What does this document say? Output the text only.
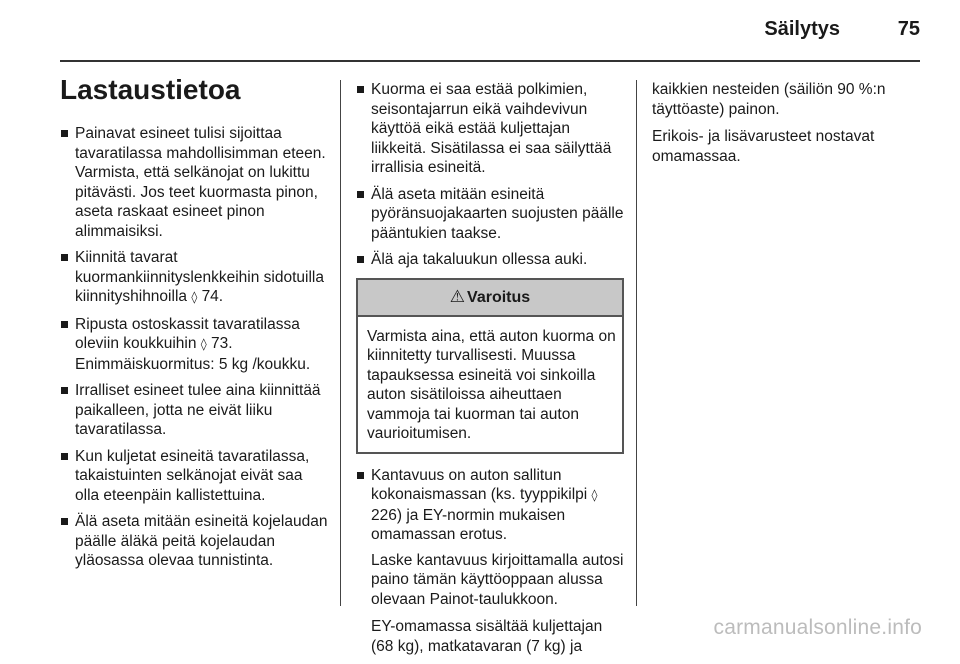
Säilytys	75
Lastaustietoa
Painavat esineet tulisi sijoittaa tavaratilassa mahdollisimman eteen. Varmista, että selkänojat on lukittu pitävästi. Jos teet kuormasta pinon, aseta raskaat esineet pinon alimmaisiksi.
Kiinnitä tavarat kuormankiinnityslenkkeihin sidotuilla kiinnityshihnoilla ◊ 74.
Ripusta ostoskassit tavaratilassa oleviin koukkuihin ◊ 73. Enimmäiskuormitus: 5 kg /koukku.
Irralliset esineet tulee aina kiinnittää paikalleen, jotta ne eivät liiku tavaratilassa.
Kun kuljetat esineitä tavaratilassa, takaistuinten selkänojat eivät saa olla eteenpäin kallistettuina.
Älä aseta mitään esineitä kojelaudan päälle äläkä peitä kojelaudan yläosassa olevaa tunnistinta.
Kuorma ei saa estää polkimien, seisontajarrun eikä vaihdevivun käyttöä eikä estää kuljettajan liikkeitä. Sisätilassa ei saa säilyttää irrallisia esineitä.
Älä aseta mitään esineitä pyöränsuojakaarten suojusten päälle pääntukien taakse.
Älä aja takaluukun ollessa auki.
⚠ Varoitus
Varmista aina, että auton kuorma on kiinnitetty turvallisesti. Muussa tapauksessa esineitä voi sinkoilla auton sisätiloissa aiheuttaen vammoja tai kuorman tai auton vaurioitumisen.
Kantavuus on auton sallitun kokonaismassan (ks. tyyppikilpi ◊ 226) ja EY-normin mukaisen omamassan erotus.

Laske kantavuus kirjoittamalla autosi paino tämän käyttöoppaan alussa olevaan Painot-taulukkoon.

EY-omamassa sisältää kuljettajan (68 kg), matkatavaran (7 kg) ja

kaikkien nesteiden (säiliön 90 %:n täyttöaste) painon.

Erikois- ja lisävarusteet nostavat omamassaa.

carmanualsonline.info
